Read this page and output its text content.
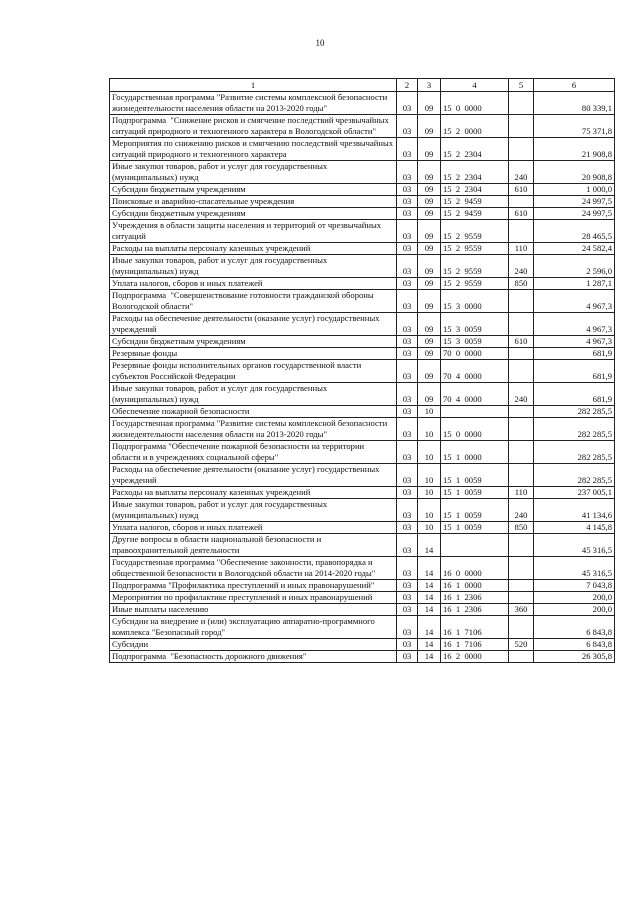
10
1	2	3	4	5	6
Государственная программа "Развитие системы комплексной безопасности жизнедеятельности населения области на 2013-2020 годы"	03	09	15  0  0000		80 339,1
Подпрограмма  "Снижение рисков и смягчение последствий чрезвычайных ситуаций природного и техногенного характера в Вологодской области"	03	09	15  2  0000		75 371,8
Мероприятия по снижению рисков и смягчению последствий чрезвычайных ситуаций природного и техногенного характера	03	09	15  2  2304		21 908,8
Иные закупки товаров, работ и услуг для государственных (муниципальных) нужд	03	09	15  2  2304	240	20 908,8
Субсидии бюджетным учреждениям	03	09	15  2  2304	610	1 000,0
Поисковые и аварийно-спасательные учреждения	03	09	15  2  9459		24 997,5
Субсидии бюджетным учреждениям	03	09	15  2  9459	610	24 997,5
Учреждения в области защиты населения и территорий от чрезвычайных ситуаций	03	09	15  2  9559		28 465,5
Расходы на выплаты персоналу казенных учреждений	03	09	15  2  9559	110	24 582,4
Иные закупки товаров, работ и услуг для государственных (муниципальных) нужд	03	09	15  2  9559	240	2 596,0
Уплата налогов, сборов и иных платежей	03	09	15  2  9559	850	1 287,1
Подпрограмма  "Совершенствование готовности гражданской обороны Вологодской области"	03	09	15  3  0000		4 967,3
Расходы на обеспечение деятельности (оказание услуг) государственных учреждений	03	09	15  3  0059		4 967,3
Субсидии бюджетным учреждениям	03	09	15  3  0059	610	4 967,3
Резервные фонды	03	09	70  0  0000		681,9
Резервные фонды исполнительных органов государственной власти субъектов Российской Федерации	03	09	70  4  0000		681,9
Иные закупки товаров, работ и услуг для государственных (муниципальных) нужд	03	09	70  4  0000	240	681,9
Обеспечение пожарной безопасности	03	10			282 285,5
Государственная программа "Развитие системы комплексной безопасности жизнедеятельности населения области на 2013-2020 годы"	03	10	15  0  0000		282 285,5
Подпрограмма "Обеспечение пожарной безопасности на территории области и в учреждениях социальной сферы"	03	10	15  1  0000		282 285,5
Расходы на обеспечение деятельности (оказание услуг) государственных учреждений	03	10	15  1  0059		282 285,5
Расходы на выплаты персоналу казенных учреждений	03	10	15  1  0059	110	237 005,1
Иные закупки товаров, работ и услуг для государственных (муниципальных) нужд	03	10	15  1  0059	240	41 134,6
Уплата налогов, сборов и иных платежей	03	10	15  1  0059	850	4 145,8
Другие вопросы в области национальной безопасности и правоохранительной деятельности	03	14			45 316,5
Государственная программа "Обеспечение законности, правопорядка и общественной безопасности в Вологодской области на 2014-2020 годы"	03	14	16  0  0000		45 316,5
Подпрограмма "Профилактика преступлений и иных правонарушений"	03	14	16  1  0000		7 043,8
Мероприятия по профилактике преступлений и иных правонарушений	03	14	16  1  2306		200,0
Иные выплаты населению	03	14	16  1  2306	360	200,0
Субсидии на внедрение и (или) эксплуатацию аппаратно-программного комплекса "Безопасный город"	03	14	16  1  7106		6 843,8
Субсидии	03	14	16  1  7106	520	6 843,8
Подпрограмма  "Безопасность дорожного движения"	03	14	16  2  0000		26 305,8
